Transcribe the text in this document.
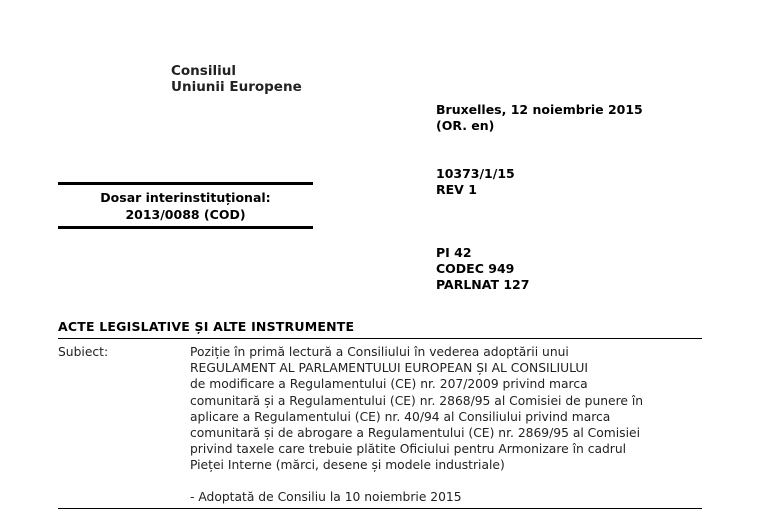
Consiliul
Uniunii Europene
Bruxelles, 12 noiembrie 2015
(OR. en)
10373/1/15
REV 1
Dosar interinstituțional:
2013/0088 (COD)
PI 42
CODEC 949
PARLNAT 127
ACTE LEGISLATIVE ȘI ALTE INSTRUMENTE
Subiect:	Poziție în primă lectură a Consiliului în vederea adoptării unui
REGULAMENT AL PARLAMENTULUI EUROPEAN ȘI AL CONSILIULUI
de modificare a Regulamentului (CE) nr. 207/2009 privind marca
comunitară și a Regulamentului (CE) nr. 2868/95 al Comisiei de punere în
aplicare a Regulamentului (CE) nr. 40/94 al Consiliului privind marca
comunitară și de abrogare a Regulamentului (CE) nr. 2869/95 al Comisiei
privind taxele care trebuie plătite Oficiului pentru Armonizare în cadrul
Pieței Interne (mărci, desene și modele industriale)
- Adoptată de Consiliu la 10 noiembrie 2015
